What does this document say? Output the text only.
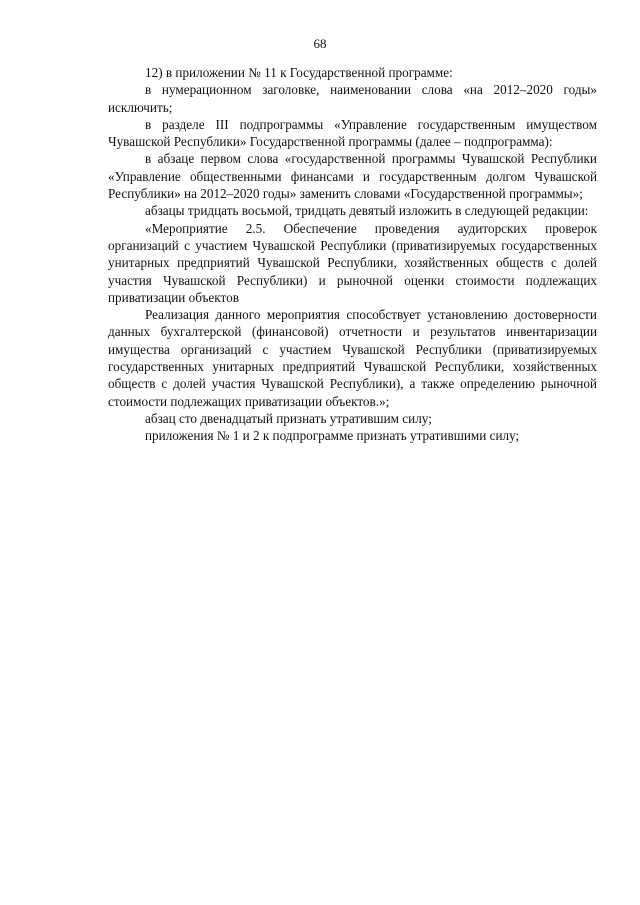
68

12) в приложении № 11 к Государственной программе:

в нумерационном заголовке, наименовании слова «на 2012–2020 годы» исключить;

в разделе III подпрограммы «Управление государственным имуществом Чувашской Республики» Государственной программы (далее – подпрограмма):

в абзаце первом слова «государственной программы Чувашской Республики «Управление общественными финансами и государственным долгом Чувашской Республики» на 2012–2020 годы» заменить словами «Государственной программы»;

абзацы тридцать восьмой, тридцать девятый изложить в следующей редакции:

«Мероприятие 2.5. Обеспечение проведения аудиторских проверок организаций с участием Чувашской Республики (приватизируемых государственных унитарных предприятий Чувашской Республики, хозяйственных обществ с долей участия Чувашской Республики) и рыночной оценки стоимости подлежащих приватизации объектов

Реализация данного мероприятия способствует установлению достоверности данных бухгалтерской (финансовой) отчетности и результатов инвентаризации имущества организаций с участием Чувашской Республики (приватизируемых государственных унитарных предприятий Чувашской Республики, хозяйственных обществ с долей участия Чувашской Республики), а также определению рыночной стоимости подлежащих приватизации объектов.»;

абзац сто двенадцатый признать утратившим силу;

приложения № 1 и 2 к подпрограмме признать утратившими силу;
